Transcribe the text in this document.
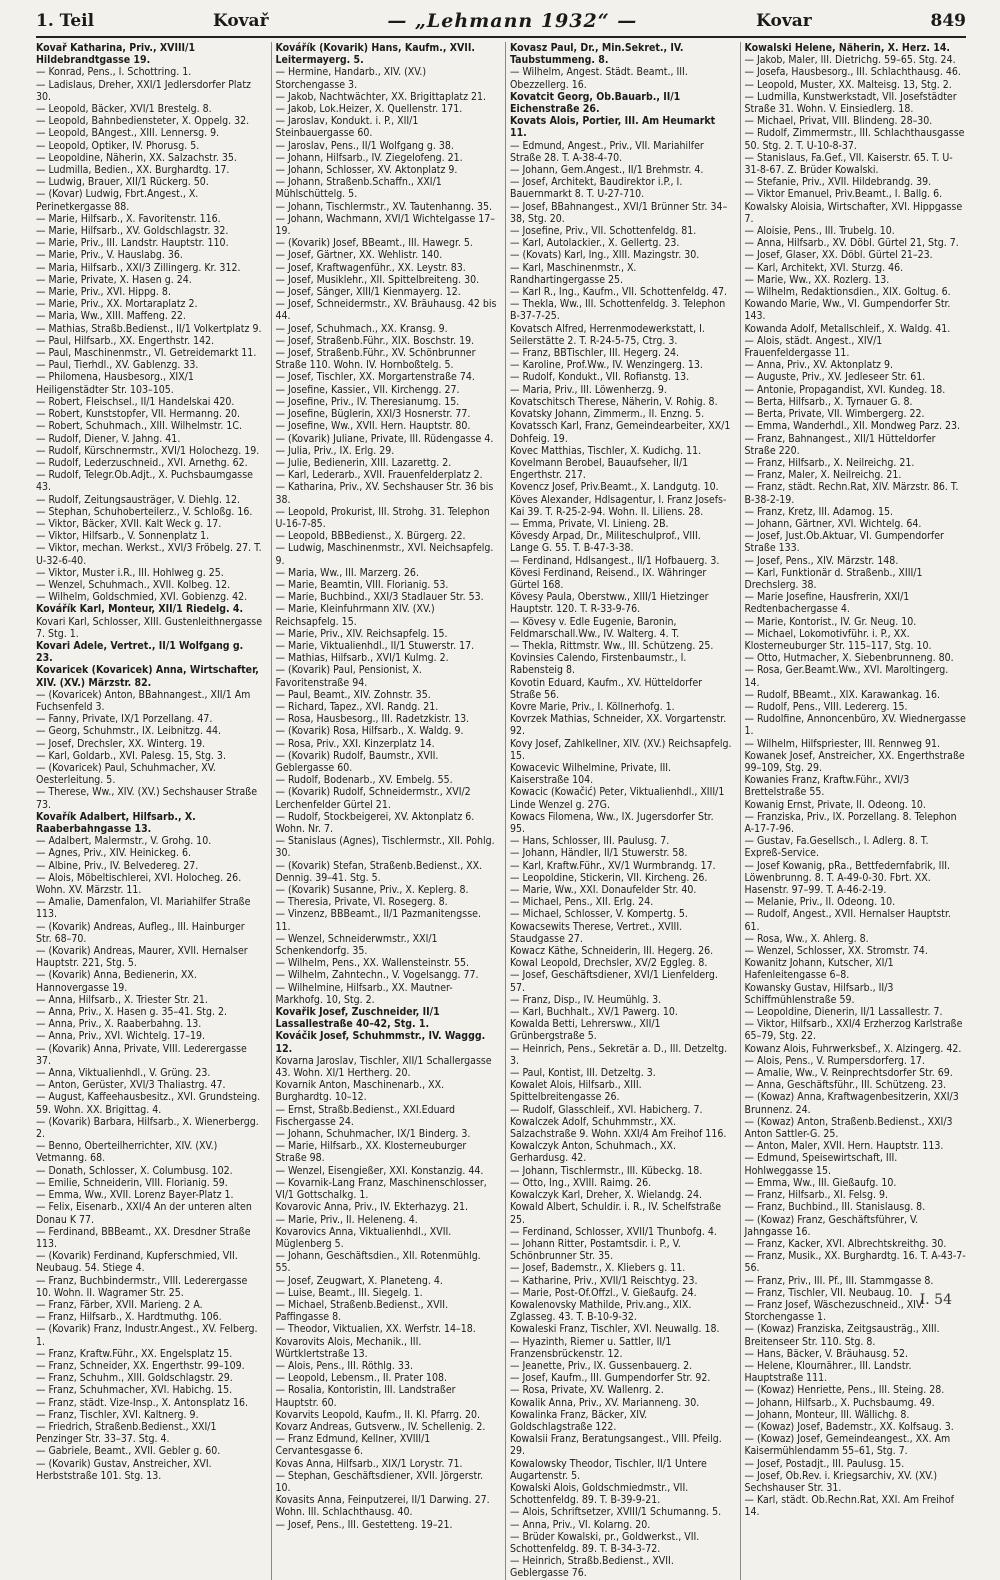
1. Teil	Kovař	— „Lehmann 1932“ —	Kovar	849

Kovař Katharina, Priv., XVIII/1 Hildebrandtgasse 19.

— Konrad, Pens., I. Schottring. 1.

— Ladislaus, Dreher, XXI/1 Jedlersdorfer Platz 30.

— Leopold, Bäcker, XVI/1 Brestelg. 8.

— Leopold, Bahnbediensteter, X. Oppelg. 32.

— Leopold, BAngest., XIII. Lennersg. 9.

— Leopold, Optiker, IV. Phorusg. 5.

— Leopoldine, Näherin, XX. Salzachstr. 35.

— Ludmilla, Bedien., XX. Burghardtg. 17.

— Ludwig, Brauer, XII/1 Rückerg. 50.

— (Kovar) Ludwig, Fbrt.Angest., X. Perinetkergasse 88.

— Marie, Hilfsarb., X. Favoritenstr. 116.

— Marie, Hilfsarb., XV. Goldschlagstr. 32.

— Marie, Priv., III. Landstr. Hauptstr. 110.

— Marie, Priv., V. Hauslabg. 36.

— Maria, Hilfsarb., XXI/3 Zillingerg. Kr. 312.

— Marie, Private, X. Hasen g. 24.

— Marie, Priv., XVI. Hippg. 8.

— Marie, Priv., XX. Mortaraplatz 2.

— Maria, Ww., XIII. Maffeng. 22.

— Mathias, Straßb.Bedienst., II/1 Volkertplatz 9.

— Paul, Hilfsarb., XX. Engerthstr. 142.

— Paul, Maschinenmstr., VI. Getreidemarkt 11.

— Paul, Tierhdl., XV. Gablenzg. 33.

— Philomena, Hausbesorg., XIX/1 Heiligenstädter Str. 103–105.

— Robert, Fleischsel., II/1 Handelskai 420.

— Robert, Kunststopfer, VII. Hermanng. 20.

— Robert, Schuhmach., XIII. Wilhelmstr. 1C.

— Rudolf, Diener, V. Jahng. 41.

— Rudolf, Kürschnermstr., XVI/1 Holochezg. 19.

— Rudolf, Lederzuschneid., XVI. Arnethg. 62.

— Rudolf, Telegr.Ob.Adjt., X. Puchsbaumgasse 43.

— Rudolf, Zeitungsausträger, V. Diehlg. 12.

— Stephan, Schuhoberteilerz., V. Schloßg. 16.

— Viktor, Bäcker, XVII. Kalt Weck g. 17.

— Viktor, Hilfsarb., V. Sonnenplatz 1.

— Viktor, mechan. Werkst., XVI/3 Fröbelg. 27. T. U-32-6-40.

— Viktor, Muster i.R., III. Hohlweg g. 25.

— Wenzel, Schuhmach., XVII. Kolbeg. 12.

— Wilhelm, Goldschmied, XVI. Gobienzg. 42.

Kovářík Karl, Monteur, XII/1 Riedelg. 4.

Kovari Karl, Schlosser, XIII. Gustenleithnergasse 7. Stg. 1.

Kovari Adele, Vertret., II/1 Wolfgang g. 23.

Kovaricek (Kovaricek) Anna, Wirtschafter, XIV. (XV.) Märzstr. 82.

— (Kovaricek) Anton, BBahnangest., XII/1 Am Fuchsenfeld 3.

— Fanny, Private, IX/1 Porzellang. 47.

— Georg, Schuhmstr., IX. Leibnitzg. 44.

— Josef, Drechsler, XX. Winterg. 19.

— Karl, Goldarb., XVI. Palesg. 15, Stg. 3.

— (Kovaricek) Paul, Schuhmacher, XV. Oesterleitung. 5.

— Therese, Ww., XIV. (XV.) Sechshauser Straße 73.

Kovařík Adalbert, Hilfsarb., X. Raaberbahngasse 13.

— Adalbert, Malermstr., V. Grohg. 10.

— Agnes, Priv., XIV. Heinickeg. 6.

— Albine, Priv., IV. Belvedereg. 27.

— Alois, Möbeltischlerei, XVI. Holocheg. 26. Wohn. XV. Märzstr. 11.

— Amalie, Damenfalon, VI. Mariahilfer Straße 113.

— (Kovarik) Andreas, Aufleg., III. Hainburger Str. 68–70.

— (Kovarik) Andreas, Maurer, XVII. Hernalser Hauptstr. 221, Stg. 5.

— (Kovarik) Anna, Bedienerin, XX. Hannovergasse 19.

— Anna, Hilfsarb., X. Triester Str. 21.

— Anna, Priv., X. Hasen g. 35–41. Stg. 2.

— Anna, Priv., X. Raaberbahng. 13.

— Anna, Priv., XVI. Wichtelg. 17–19.

— (Kovarik) Anna, Private, VIII. Lederergasse 37.

— Anna, Viktualienhdl., V. Grüng. 23.

— Anton, Gerüster, XVI/3 Thaliastrg. 47.

— August, Kaffeehausbesitz., XVI. Grundsteing. 59. Wohn. XX. Brigittag. 4.

— (Kovarik) Barbara, Hilfsarb., X. Wienerbergg. 2.

— Benno, Oberteilherrichter, XIV. (XV.) Vetmanng. 68.

— Donath, Schlosser, X. Columbusg. 102.

— Emilie, Schneiderin, VIII. Florianig. 59.

— Emma, Ww., XVII. Lorenz Bayer-Platz 1.

— Felix, Eisenarb., XXI/4 An der unteren alten Donau K 77.

— Ferdinand, BBBeamt., XX. Dresdner Straße 113.

— (Kovarik) Ferdinand, Kupferschmied, VII. Neubaug. 54. Stiege 4.

— Franz, Buchbindermstr., VIII. Lederergasse 10. Wohn. II. Wagramer Str. 25.

— Franz, Färber, XVII. Marieng. 2 A.

— Franz, Hilfsarb., X. Hardtmuthg. 106.

— (Kovarik) Franz, Industr.Angest., XV. Felberg. 1.

— Franz, Kraftw.Führ., XX. Engelsplatz 15.

— Franz, Schneider, XX. Engerthstr. 99–109.

— Franz, Schuhm., XIII. Goldschlagstr. 29.

— Franz, Schuhmacher, XVI. Habichg. 15.

— Franz, städt. Vize-Insp., X. Antonsplatz 16.

— Franz, Tischler, XVI. Kaltnerg. 9.

— Friedrich, Straßenb.Bedienst., XXI/1 Penzinger Str. 33–37. Stg. 4.

— Gabriele, Beamt., XVII. Gebler g. 60.

— (Kovarik) Gustav, Anstreicher, XVI. Herbststraße 101. Stg. 13.

Kovářík (Kovarik) Hans, Kaufm., XVII. Leitermayerg. 5.

— Hermine, Handarb., XIV. (XV.) Storchengasse 3.

— Jakob, Nachtwächter, XX. Brigittaplatz 21.

— Jakob, Lok.Heizer, X. Quellenstr. 171.

— Jaroslav, Kondukt. i. P., XII/1 Steinbauergasse 60.

— Jaroslav, Pens., II/1 Wolfgang g. 38.

— Johann, Hilfsarb., IV. Ziegelofeng. 21.

— Johann, Schlosser, XV. Aktonplatz 9.

— Johann, Straßenb.Schaffn., XXI/1 Mühlschüttelg. 5.

— Johann, Tischlermstr., XV. Tautenhanng. 35.

— Johann, Wachmann, XVI/1 Wichtelgasse 17–19.

— (Kovarik) Josef, BBeamt., III. Hawegr. 5.

— Josef, Gärtner, XX. Wehlistr. 140.

— Josef, Kraftwagenführ., XX. Leystr. 83.

— Josef, Musiklehr., XII. Spittelbreiteng. 30.

— Josef, Sänger, XIII/1 Kienmayerg. 12.

— Josef, Schneidermstr., XV. Bräuhausg. 42 bis 44.

— Josef, Schuhmach., XX. Kransg. 9.

— Josef, Straßenb.Führ., XIX. Boschstr. 19.

— Josef, Straßenb.Führ., XV. Schönbrunner Straße 110. Wohn. IV. Hornboßtelg. 5.

— Josef, Tischler, XX. Morgartenstraße 74.

— Josefine, Kassier., VII. Kirchengg. 27.

— Josefine, Priv., IV. Theresianumg. 15.

— Josefine, Büglerin, XXI/3 Hosnerstr. 77.

— Josefine, Ww., XVII. Hern. Hauptstr. 80.

— (Kovarik) Juliane, Private, III. Rüdengasse 4.

— Julia, Priv., IX. Erlg. 29.

— Julie, Bedienerin, XIII. Lazarettg. 2.

— Karl, Lederarb., XVII. Frauenfelderplatz 2.

— Katharina, Priv., XV. Sechshauser Str. 36 bis 38.

— Leopold, Prokurist, III. Strohg. 31. Telephon U-16-7-85.

— Leopold, BBBedienst., X. Bürgerg. 22.

— Ludwig, Maschinenmstr., XVI. Neichsapfelg. 9.

— Maria, Ww., III. Marzerg. 26.

— Marie, Beamtin, VIII. Florianig. 53.

— Marie, Buchbind., XXI/3 Stadlauer Str. 53.

— Marie, Kleinfuhrmann XIV. (XV.) Reichsapfelg. 15.

— Marie, Priv., XIV. Reichsapfelg. 15.

— Marie, Viktualienhdl., II/1 Stuwerstr. 17.

— Mathias, Hilfsarb., XVI/1 Kulmg. 2.

— (Kovarik) Paul, Pensionist, X. Favoritenstraße 94.

— Paul, Beamt., XIV. Zohnstr. 35.

— Richard, Tapez., XVI. Randg. 21.

— Rosa, Hausbesorg., III. Radetzkistr. 13.

— (Kovarik) Rosa, Hilfsarb., X. Waldg. 9.

— Rosa, Priv., XXI. Kinzerplatz 14.

— (Kovarik) Rudolf, Baumstr., XVII. Geblergasse 60.

— Rudolf, Bodenarb., XV. Embelg. 55.

— (Kovarik) Rudolf, Schneidermstr., XVI/2 Lerchenfelder Gürtel 21.

— Rudolf, Stockbeigerei, XV. Aktonplatz 6. Wohn. Nr. 7.

— Stanislaus (Agnes), Tischlermstr., XII. Pohlg. 30.

— (Kovarik) Stefan, Straßenb.Bedienst., XX. Dennig. 39–41. Stg. 5.

— (Kovarik) Susanne, Priv., X. Keplerg. 8.

— Theresia, Private, VI. Rosegerg. 8.

— Vinzenz, BBBeamt., II/1 Pazmanitengsse. 11.

— Wenzel, Schneiderwmstr., XXI/1 Schenkendorfg. 35.

— Wilhelm, Pens., XX. Wallensteinstr. 55.

— Wilhelm, Zahntechn., V. Vogelsangg. 77.

— Wilhelmine, Hilfsarb., XX. Mautner-Markhofg. 10, Stg. 2.

Kovařik Josef, Zuschneider, II/1 Lassallestraße 40–42, Stg. 1.

Kováčik Josef, Schuhmmstr., IV. Waggg. 12.

Kovarna Jaroslav, Tischler, XII/1 Schallergasse 43. Wohn. XI/1 Hertherg. 20.

Kovarnik Anton, Maschinenarb., XX. Burghardtg. 10–12.

— Ernst, Straßb.Bedienst., XXI.Eduard Fischergasse 24.

— Johann, Schuhmacher, IX/1 Binderg. 3.

— Marie, Hilfsarb., XX. Klosterneuburger Straße 98.

— Wenzel, Eisengießer, XXI. Konstanzig. 44.

— Kovarnik-Lang Franz, Maschinenschlosser, VI/1 Gottschalkg. 1.

Kovarovic Anna, Priv., IV. Ekterhazyg. 21.

— Marie, Priv., II. Heleneng. 4.

Kovarovics Anna, Viktualienhdl., XVII. Müglenberg 5.

— Johann, Geschäftsdien., XII. Rotenmühlg. 55.

— Josef, Zeugwart, X. Planeteng. 4.

— Luise, Beamt., III. Siegelg. 1.

— Michael, Straßenb.Bedienst., XVII. Paffingasse 8.

— Theodor, Viktualien, XX. Werfstr. 14–18.

Kovarovits Alois, Mechanik., III. Würtklertstraße 13.

— Alois, Pens., III. Röthlg. 33.

— Leopold, Lebensm., II. Prater 108.

— Rosalia, Kontoristin, III. Landstraßer Hauptstr. 60.

Kovarvits Leopold, Kaufm., II. Kl. Pfarrg. 20.

Kovarz Andreas, Gutsverw., IV. Schellenig. 2.

— Franz Edmund, Kellner, XVIII/1 Cervantesgasse 6.

Kovas Anna, Hilfsarb., XIX/1 Lorystr. 71.

— Stephan, Geschäftsdiener, XVII. Jörgerstr. 10.

Kovasits Anna, Feinputzerei, II/1 Darwing. 27. Wohn. III. Schlachthausg. 40.

— Josef, Pens., III. Gestetteng. 19–21.

Kovasz Paul, Dr., Min.Sekret., IV. Taubstummeng. 8.

— Wilhelm, Angest. Städt. Beamt., III. Obezzellerg. 16.

Kovatcit Georg, Ob.Bauarb., II/1 Eichenstraße 26.

Kovats Alois, Portier, III. Am Heumarkt 11.

— Edmund, Angest., Priv., VII. Mariahilfer Straße 28. T. A-38-4-70.

— Johann, Gem.Angest., II/1 Brehmstr. 4.

— Josef, Architekt, Baudirektor i.P., I. Bauernmarkt 8. T. U-27-710.

— Josef, BBahnangest., XVI/1 Brünner Str. 34–38, Stg. 20.

— Josefine, Priv., VII. Schottenfeldg. 81.

— Karl, Autolackier., X. Gellertg. 23.

— (Kovats) Karl, Ing., XIII. Mazingstr. 30.

— Karl, Maschinenmstr., X. Randhartingergasse 25.

— Karl R., Ing., Kaufm., VII. Schottenfeldg. 47.

— Thekla, Ww., III. Schottenfeldg. 3. Telephon B-37-7-25.

Kovatsch Alfred, Herrenmodewerkstatt, I. Seilerstätte 2. T. R-24-5-75, Ctrg. 3.

— Franz, BBTischler, III. Hegerg. 24.

— Karoline, Prof.Ww., IV. Wenzingerg. 13.

— Rudolf, Kondukt., VII. Rofianstg. 13.

— Maria, Priv., III. Löwenherzg. 9.

Kovatschitsch Therese, Näherin, V. Rohig. 8.

Kovatsky Johann, Zimmerm., II. Enzng. 5.

Kovatssch Karl, Franz, Gemeindearbeiter, XX/1 Dohfeig. 19.

Kovec Matthias, Tischler, X. Kudichg. 11.

Kovelmann Berobel, Bauaufseher, II/1 Engerthstr. 217.

Kovencz Josef, Priv.Beamt., X. Landgutg. 10.

Köves Alexander, Hdlsagentur, I. Franz Josefs-Kai 39. T. R-25-2-94. Wohn. II. Liliens. 28.

— Emma, Private, VI. Linieng. 2B.

Kövesdy Arpad, Dr., Militeschulprof., VIII. Lange G. 55. T. B-47-3-38.

— Ferdinand, Hdlsangest., II/1 Hofbauerg. 3.

Kövesi Ferdinand, Reisend., IX. Währinger Gürtel 168.

Kövesy Paula, Oberstww., XIII/1 Hietzinger Hauptstr. 120. T. R-33-9-76.

— Kövesy v. Edle Eugenie, Baronin, Feldmarschall.Ww., IV. Walterg. 4. T.

— Thekla, Rittmstr. Ww., III. Schützeng. 25.

Kovinsies Calendo, Firstenbaumstr., I. Rabensteig 8.

Kovotin Eduard, Kaufm., XV. Hütteldorfer Straße 56.

Kovre Marie, Priv., I. Köllnerhofg. 1.

Kovrzek Mathias, Schneider, XX. Vorgartenstr. 92.

Kovy Josef, Zahlkellner, XIV. (XV.) Reichsapfelg. 15.

Kowacevic Wilhelmine, Private, III. Kaiserstraße 104.

Kowacic (Kowačić) Peter, Viktualienhdl., XIII/1 Linde Wenzel g. 27G.

Kowacs Filomena, Ww., IX. Jugersdorfer Str. 95.

— Hans, Schlosser, III. Paulusg. 7.

— Johann, Händler, II/1 Stuwerstr. 58.

— Karl, Kraftw.Führ., XV/1 Wurmbrandg. 17.

— Leopoldine, Stickerin, VII. Kircheng. 26.

— Marie, Ww., XXI. Donaufelder Str. 40.

— Michael, Pens., XII. Erlg. 24.

— Michael, Schlosser, V. Kompertg. 5.

Kowacsewits Therese, Vertret., XVIII. Staudgasse 27.

Kowacz Käthe, Schneiderin, III. Hegerg. 26.

Kowal Leopold, Drechsler, XV/2 Eggleg. 8.

— Josef, Geschäftsdiener, XVI/1 Lienfelderg. 57.

— Franz, Disp., IV. Heumühlg. 3.

— Karl, Buchhalt., XV/1 Pawerg. 10.

Kowalda Betti, Lehrersww., XII/1 Grünbergstraße 5.

— Heinrich, Pens., Sekretär a. D., III. Detzeltg. 3.

— Paul, Kontist, III. Detzeltg. 3.

Kowalet Alois, Hilfsarb., XIII. Spittelbreitengasse 26.

— Rudolf, Glasschleif., XVI. Habicherg. 7.

Kowalczek Adolf, Schuhmmstr., XX. Salzachstraße 9. Wohn. XXI/4 Am Freihof 116.

Kowalczyk Anton, Schuhmach., XX. Gerhardusg. 42.

— Johann, Tischlermstr., III. Kübeckg. 18.

— Otto, Ing., XVIII. Raimg. 26.

Kowalczyk Karl, Dreher, X. Wielandg. 24.

Kowald Albert, Schuldir. i. R., IV. Schelfstraße 25.

— Ferdinand, Schlosser, XVII/1 Thunbofg. 4.

— Johann Ritter, Postamtsdir. i. P., V. Schönbrunner Str. 35.

— Josef, Bademstr., X. Kliebers g. 11.

— Katharine, Priv., XVII/1 Reischtyg. 23.

— Marie, Post-Of.Offzl., V. Gießaufg. 24.

Kowalenovsky Mathilde, Priv.ang., XIX. Zglasseg. 43. T. B-10-9-32.

Kowaleski Franz, Tischler, XVI. Neuwallg. 18.

— Hyazinth, Riemer u. Sattler, II/1 Franzensbrückenstr. 12.

— Jeanette, Priv., IX. Gussenbauerg. 2.

— Josef, Kaufm., III. Gumpendorfer Str. 92.

— Rosa, Private, XV. Wallenrg. 2.

Kowalik Anna, Priv., XV. Marianneng. 30.

Kowalinka Franz, Bäcker, XIV. Goldschlagstraße 122.

Kowalsii Franz, Beratungsangest., VIII. Pfeilg. 29.

Kowalowsky Theodor, Tischler, II/1 Untere Augartenstr. 5.

Kowalski Alois, Goldschmiedmstr., VII. Schottenfeldg. 89. T. B-39-9-21.

— Alois, Schriftsetzer, XVIII/1 Schumanng. 5.

— Anna, Priv., VI. Kolarng. 20.

— Brüder Kowalski, pr., Goldwerkst., VII. Schottenfeldg. 89. T. B-34-3-72.

— Heinrich, Straßb.Bedienst., XVII. Geblergasse 76.

Kowalski Helene, Näherin, X. Herz. 14.

— Jakob, Maler, III. Dietrichg. 59–65. Stg. 24.

— Josefa, Hausbesorg., III. Schlachthausg. 46.

— Leopold, Muster, XX. Malteisg. 13, Stg. 2.

— Ludmilla, Kunstwerkstadt, VII. Josefstädter Straße 31. Wohn. V. Einsiedlerg. 18.

— Michael, Privat, VIII. Blindeng. 28–30.

— Rudolf, Zimmermstr., III. Schlachthausgasse 50. Stg. 2. T. U-10-8-37.

— Stanislaus, Fa.Gef., VII. Kaiserstr. 65. T. U-31-8-67. Z. Brüder Kowalski.

— Stefanie, Priv., XVII. Hildebrandg. 39.

— Viktor Emanuel, Priv.Beamt., I. Ballg. 6.

Kowalsky Aloisia, Wirtschafter, XVI. Hippgasse 7.

— Aloisie, Pens., III. Trubelg. 10.

— Anna, Hilfsarb., XV. Döbl. Gürtel 21, Stg. 7.

— Josef, Glaser, XX. Döbl. Gürtel 21–23.

— Karl, Architekt, XVI. Sturzg. 46.

— Marie, Ww., XX. Rozlerg. 13.

— Wilhelm, Redaktionsdien., XIX. Goltug. 6.

Kowando Marie, Ww., VI. Gumpendorfer Str. 143.

Kowanda Adolf, Metallschleif., X. Waldg. 41.

— Alois, städt. Angest., XIV/1 Frauenfeldergasse 11.

— Anna, Priv., XV. Aktonplatz 9.

— Auguste, Priv., XV. Jedleseer Str. 61.

— Antonie, Propagandist, XVI. Kundeg. 18.

— Berta, Hilfsarb., X. Tyrnauer G. 8.

— Berta, Private, VII. Wimbergerg. 22.

— Emma, Wanderhdl., XII. Mondweg Parz. 23.

— Franz, Bahnangest., XII/1 Hütteldorfer Straße 220.

— Franz, Hilfsarb., X. Neilreichg. 21.

— Franz, Maler, X. Neilreichg. 21.

— Franz, städt. Rechn.Rat, XIV. Märzstr. 86. T. B-38-2-19.

— Franz, Kretz, III. Adamog. 15.

— Johann, Gärtner, XVI. Wichtelg. 64.

— Josef, Just.Ob.Aktuar, VI. Gumpendorfer Straße 133.

— Josef, Pens., XIV. Märzstr. 148.

— Karl, Funktionär d. Straßenb., XIII/1 Drechslerg. 38.

— Marie Josefine, Hausfrerin, XXI/1 Redtenbachergasse 4.

— Marie, Kontorist., IV. Gr. Neug. 10.

— Michael, Lokomotivführ. i. P., XX. Klosterneuburger Str. 115–117, Stg. 10.

— Otto, Hutmacher, X. Siebenbrunneng. 80.

— Rosa, Ger.Beamt.Ww., XVI. Maroltingerg. 14.

— Rudolf, BBeamt., XIX. Karawankag. 16.

— Rudolf, Pens., VIII. Ledererg. 15.

— Rudolfine, Annoncenbüro, XV. Wiednergasse 1.

— Wilhelm, Hilfspriester, III. Rennweg 91.

Kowanek Josef, Anstreicher, XX. Engerthstraße 99–109, Stg. 29.

Kowanies Franz, Kraftw.Führ., XVI/3 Brettelstraße 55.

Kowanig Ernst, Private, II. Odeong. 10.

— Franziska, Priv., IX. Porzellang. 8. Telephon A-17-7-96.

— Gustav, Fa.Gesellsch., I. Adlerg. 8. T. Expreß-Service.

— Josef Kowanig, pRa., Bettfedernfabrik, III. Löwenbrunng. 8. T. A-49-0-30. Fbrt. XX. Hasenstr. 97–99. T. A-46-2-19.

— Melanie, Priv., II. Odeong. 10.

— Rudolf, Angest., XVII. Hernalser Hauptstr. 61.

— Rosa, Ww., X. Ahlerg. 8.

— Wenzel, Schlosser, XX. Stromstr. 74.

Kowanitz Johann, Kutscher, XI/1 Hafenleitengasse 6–8.

Kowansky Gustav, Hilfsarb., II/3 Schiffmühlenstraße 59.

— Leopoldine, Dienerin, II/1 Lassallestr. 7.

— Viktor, Hilfsarb., XXI/4 Erzherzog Karlstraße 65–79, Stg. 22.

Kowanz Alois, Fuhrwerksbef., X. Alzingerg. 42.

— Alois, Pens., V. Rumpersdorferg. 17.

— Amalie, Ww., V. Reinprechtsdorfer Str. 69.

— Anna, Geschäftsführ., III. Schützeng. 23.

— (Kowaz) Anna, Kraftwagenbesitzerin, XXI/3 Brunnenz. 24.

— (Kowaz) Anton, Straßenb.Bedienst., XXI/3 Anton Sattler-G. 25.

— Anton, Maler, XVII. Hern. Hauptstr. 113.

— Edmund, Speisewirtschaft, III. Hohlweggasse 15.

— Emma, Ww., III. Gießaufg. 10.

— Franz, Hilfsarb., XI. Felsg. 9.

— Franz, Buchbind., III. Stanislausg. 8.

— (Kowaz) Franz, Geschäftsführer, V. Jahngasse 16.

— Franz, Kacker, XVI. Albrechtskreithg. 30.

— Franz, Musik., XX. Burghardtg. 16. T. A-43-7-56.

— Franz, Priv., III. Pf., III. Stammgasse 8.

— Franz, Tischler, VII. Neubaug. 10.

— Franz Josef, Wäschezuschneid., XIV. Storchengasse 1.

— (Kowaz) Franziska, Zeitgsausträg., XIII. Breitenseer Str. 110. Stg. 8.

— Hans, Bäcker, V. Bräuhausg. 52.

— Helene, Klournährer., III. Landstr. Hauptstraße 111.

— (Kowaz) Henriette, Pens., III. Steing. 28.

— Johann, Hilfsarb., X. Puchsbaumg. 49.

— Johann, Monteur, III. Wällichg. 8.

— (Kowaz) Josef, Bademstr., XX. Kolfsaug. 3.

— (Kowaz) Josef, Gemeindeangest., XX. Am Kaisermühlendamm 55–61, Stg. 7.

— Josef, Postadjt., III. Paulusg. 15.

— Josef, Ob.Rev. i. Kriegsarchiv, XV. (XV.) Sechshauser Str. 31.

— Karl, städt. Ob.Rechn.Rat, XXI. Am Freihof 14.

I. 54
